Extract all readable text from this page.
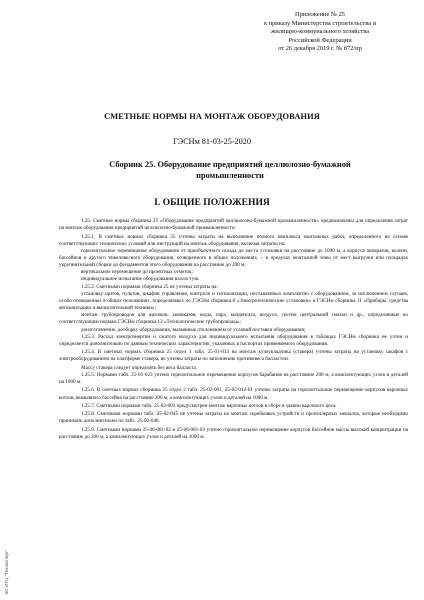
Приложение № 25
к приказу Министерства строительства и
жилищно-коммунального хозяйства
Российской Федерации
от 26 декабря 2019 г. № 872/пр
СМЕТНЫЕ НОРМЫ НА МОНТАЖ ОБОРУДОВАНИЯ
ГЭСНм 81-03-25-2020
Сборник 25. Оборудование предприятий целлюлозно-бумажной промышленности
I. ОБЩИЕ ПОЛОЖЕНИЯ

1.25. Сметные нормы сборника 25 «Оборудование предприятий целлюлозно-бумажной промышленности» предназначены для определения затрат на монтаж оборудования предприятий целлюлозно-бумажной промышленности.

1.25.1. В сметных нормах сборника 25 учтены затраты на выполнение полного комплекса монтажных работ, определенного на основе соответствующих технических условий или инструкций на монтаж оборудования, включая затраты на:

горизонтальное перемещение оборудования от приобъектного склада до места установки на расстояние до 1000 м, а корпуса аппаратов, колени, бассейнов и другого тяжеловесного оборудования, оговоренного в общих положениях, – в пределах монтажной зоны от мест выгрузки или площадок укрупнительной сборки до фундаментов этого оборудования на расстояние до 200 м;

вертикальное перемещение до проектных отметок;

индивидуальное испытание оборудования вхолостую.

1.25.2. Сметными нормами сборника 25 не учтены затраты на:

установку щитов, пультов, шкафов управления, контроля и сигнализации, поставляемых комплектно с оборудованием, за исключением случаев, особо оговоренных в общих положениях, определяемых по ГЭСНм сборника 8 «Электротехнические установки» и ГЭСНм сборника 11 «Приборы, средства автоматизации и вычислительной техники»;

монтаж трубопроводов для щелоков, химикатов, воды, пара, конденсата, воздуха, систем центральной смазки и др., определяемые по соответствующим нормам ГЭСНм сборника 12 «Технологические трубопроводы»;

доизготовление, дооборку оборудования, вызванные отклонением от условий поставки оборудования;

1.25.3. Расход электроэнергии и сжатого воздуха для индивидуального испытания оборудования в таблицах ГЭСНм сборника не учтен и определяется дополнительно по данным технических характеристик, указанных в паспортах применяемого оборудования.

1.25.4. В сметных нормах сборника 25 отдел 1 табл. 25-01-013 на монтаж кучеукладчика (стакера) учтены затраты на установку шкафов с электрооборудованием на платформе стакера, не учтены затраты по заполнению противовеса балластом.

Массу стакера следует определять без веса балласта.

1.25.5. Нормами табл. 25-01-023 учтено горизонтальное перемещение корпусов барабанов на расстояние 200 м, а комплектующих узлов и деталей на 1000 м.

1.25.6. В сметных нормах сборника 25 отдел 2 табл. 25-02-001, 25-02-012-01 учтены затраты на горизонтальное перемещение корпусов варочных котлов, вымывного бассейна на расстояние 200 м, а комплектующих узлов и деталей на 1000 м.

1.25.7. Сметными нормами табл. 25-02-001 предусмотрен монтаж варочных котлов в сборе в здании варочного цеха.

1.25.8. Сметными нормами табл. 25-02-045 не учтены затраты на монтаж скребковых устройств и пропеллерных мешалок, которые необходимо принимать дополнительно по табл. 25-02-046.

1.25.9. Сметными нормами 25-06-001-02 и 25-06-001-03 учтено горизонтальное перемещение корпусов бассейнов массы высокой концентрации на расстояние до 200 м, а комплектующих узлов и деталей на 1000 м.

ЭС ИТЦ "Техэксперт"
